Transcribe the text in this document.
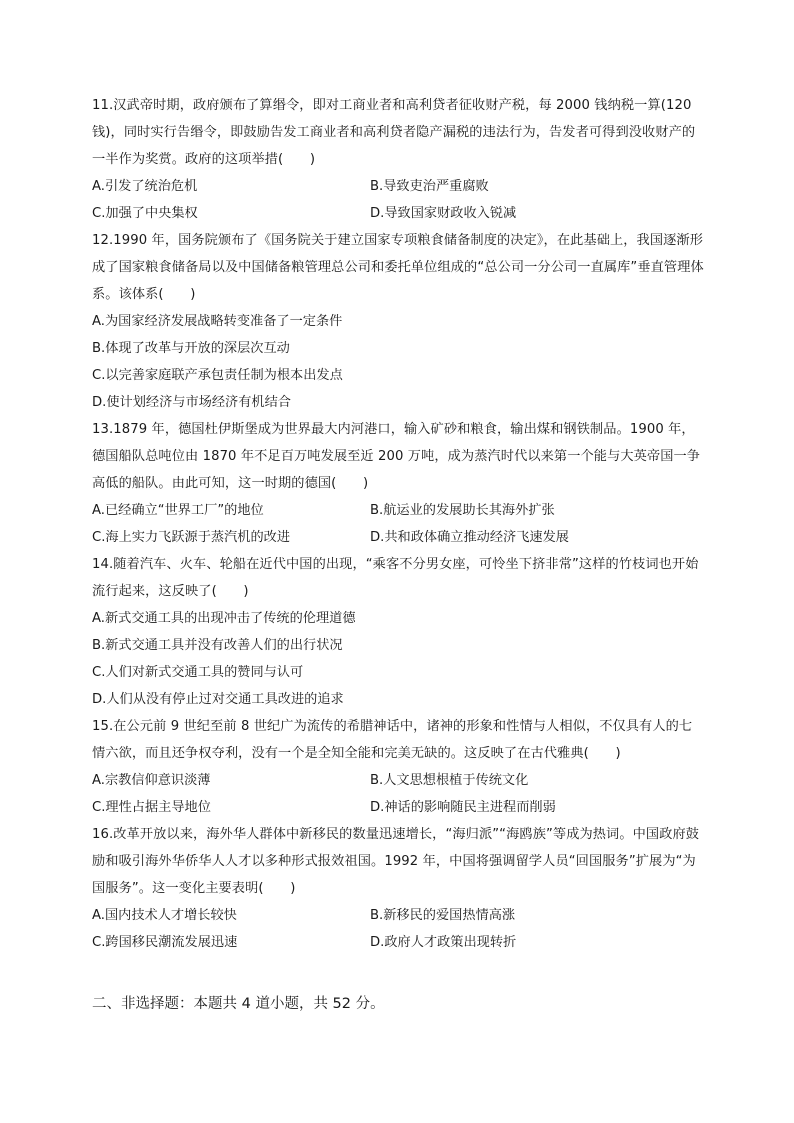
11.汉武帝时期，政府颁布了算缗令，即对工商业者和高利贷者征收财产税，每 2000 钱纳税一算(120 钱)，同时实行告缗令，即鼓励告发工商业者和高利贷者隐产漏税的违法行为，告发者可得到没收财产的一半作为奖赏。政府的这项举措(　　)

A.引发了统治危机	B.导致吏治严重腐败
C.加强了中央集权	D.导致国家财政收入锐减

12.1990 年，国务院颁布了《国务院关于建立国家专项粮食储备制度的决定》，在此基础上，我国逐渐形成了国家粮食储备局以及中国储备粮管理总公司和委托单位组成的“总公司一分公司一直属库”垂直管理体系。该体系(　　)

A.为国家经济发展战略转变准备了一定条件

B.体现了改革与开放的深层次互动

C.以完善家庭联产承包责任制为根本出发点

D.使计划经济与市场经济有机结合

13.1879 年，德国杜伊斯堡成为世界最大内河港口，输入矿砂和粮食，输出煤和钢铁制品。1900 年，德国船队总吨位由 1870 年不足百万吨发展至近 200 万吨，成为蒸汽时代以来第一个能与大英帝国一争高低的船队。由此可知，这一时期的德国(　　)

A.已经确立“世界工厂”的地位	B.航运业的发展助长其海外扩张
C.海上实力飞跃源于蒸汽机的改进	D.共和政体确立推动经济飞速发展

14.随着汽车、火车、轮船在近代中国的出现，“乘客不分男女座，可怜坐下挤非常”这样的竹枝词也开始流行起来，这反映了(　　)

A.新式交通工具的出现冲击了传统的伦理道德

B.新式交通工具并没有改善人们的出行状况

C.人们对新式交通工具的赞同与认可

D.人们从没有停止过对交通工具改进的追求

15.在公元前 9 世纪至前 8 世纪广为流传的希腊神话中，诸神的形象和性情与人相似，不仅具有人的七情六欲，而且还争权夺利，没有一个是全知全能和完美无缺的。这反映了在古代雅典(　　)

A.宗教信仰意识淡薄	B.人文思想根植于传统文化
C.理性占据主导地位	D.神话的影响随民主进程而削弱

16.改革开放以来，海外华人群体中新移民的数量迅速增长，“海归派”“海鸥族”等成为热词。中国政府鼓励和吸引海外华侨华人人才以多种形式报效祖国。1992 年，中国将强调留学人员“回国服务”扩展为“为国服务”。这一变化主要表明(　　)

A.国内技术人才增长较快	B.新移民的爱国热情高涨
C.跨国移民潮流发展迅速	D.政府人才政策出现转折
二、非选择题：本题共 4 道小题，共 52 分。
